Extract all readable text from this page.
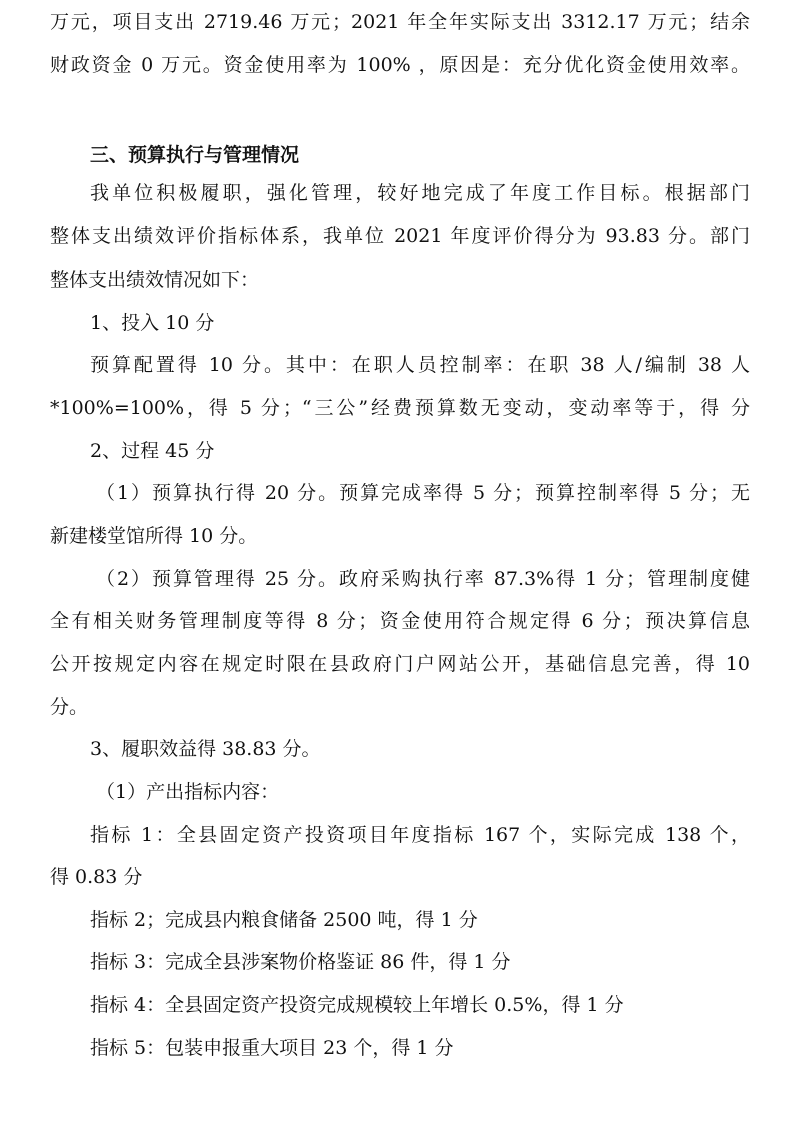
万元，项目支出 2719.46 万元；2021 年全年实际支出 3312.17 万元；结余
财政资金 0 万元。资金使用率为 100% ，原因是：充分优化资金使用效率。
三、预算执行与管理情况
我单位积极履职，强化管理，较好地完成了年度工作目标。根据部门
整体支出绩效评价指标体系，我单位 2021 年度评价得分为 93.83 分。部门
整体支出绩效情况如下：
1、投入 10 分
预算配置得 10 分。其中：在职人员控制率：在职 38 人/编制 38 人
*100%=100%，得 5 分；“三公”经费预算数无变动，变动率等于，得 分
2、过程 45 分
（1）预算执行得 20 分。预算完成率得 5 分；预算控制率得 5 分；无
新建楼堂馆所得 10 分。
（2）预算管理得 25 分。政府采购执行率 87.3%得 1 分；管理制度健
全有相关财务管理制度等得 8 分；资金使用符合规定得 6 分；预决算信息
公开按规定内容在规定时限在县政府门户网站公开，基础信息完善，得 10
分。
3、履职效益得 38.83 分。
（1）产出指标内容：
指标 1：全县固定资产投资项目年度指标 167 个，实际完成 138 个，
得 0.83 分
指标 2；完成县内粮食储备 2500 吨，得 1 分
指标 3：完成全县涉案物价格鉴证 86 件，得 1 分
指标 4：全县固定资产投资完成规模较上年增长 0.5%，得 1 分
指标 5：包装申报重大项目 23 个，得 1 分
